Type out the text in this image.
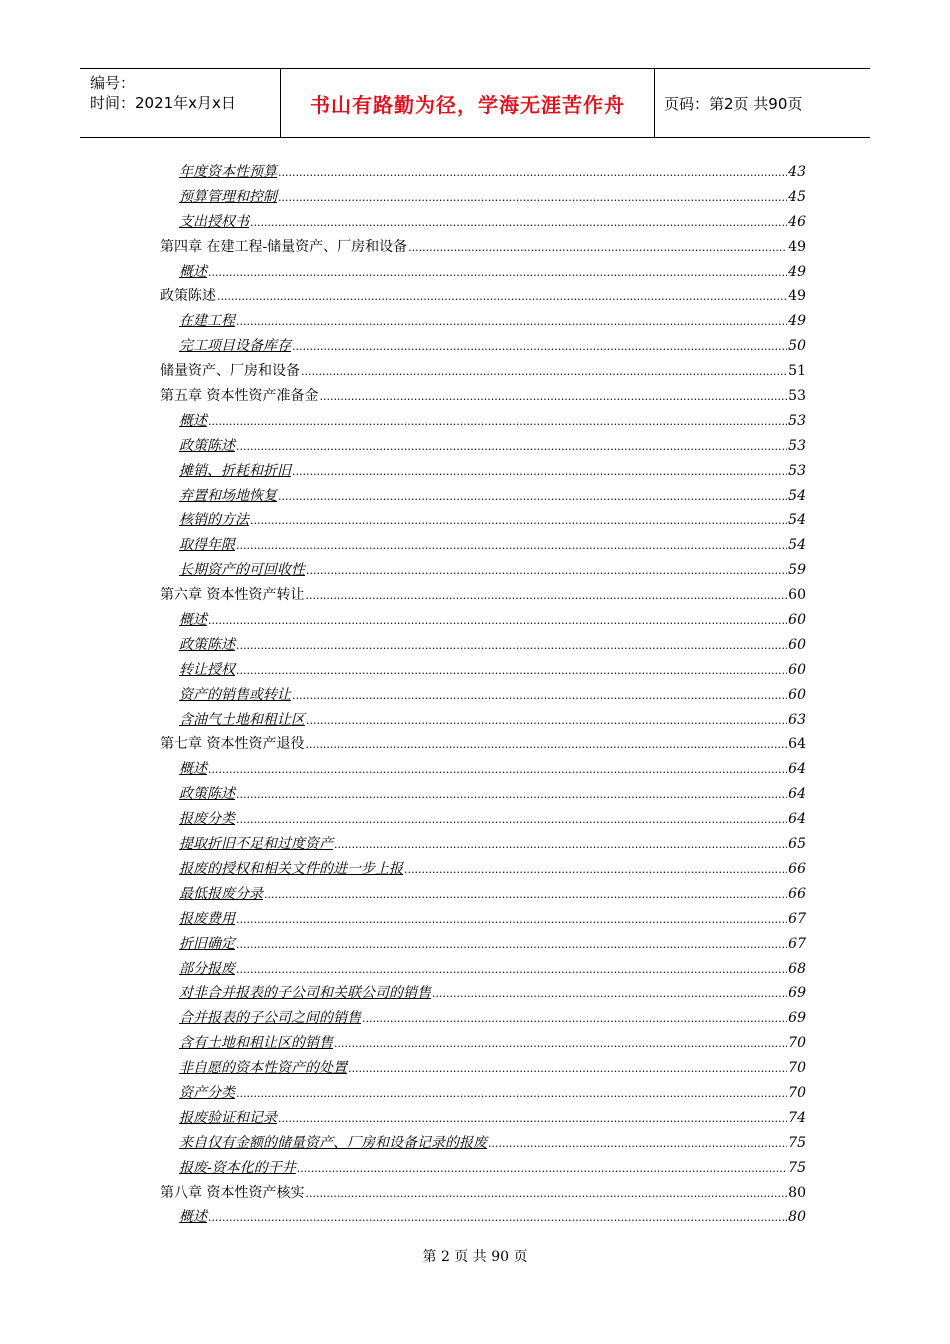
编号：
时间：2021年x月x日	书山有路勤为径，学海无涯苦作舟	页码：第2页 共90页
年度资本性预算 .....	43
预算管理和控制 .....	45
支出授权书 .....	46
第四章 在建工程-储量资产、厂房和设备 .....	49
概述 .....	49
政策陈述 .....	49
在建工程 .....	49
完工项目设备库存 .....	50
储量资产、厂房和设备 .....	51
第五章 资本性资产准备金 .....	53
概述 .....	53
政策陈述 .....	53
摊销、折耗和折旧 .....	53
弃置和场地恢复 .....	54
核销的方法 .....	54
取得年限 .....	54
长期资产的可回收性 .....	59
第六章 资本性资产转让 .....	60
概述 .....	60
政策陈述 .....	60
转让授权 .....	60
资产的销售或转让 .....	60
含油气土地和租让区 .....	63
第七章 资本性资产退役 .....	64
概述 .....	64
政策陈述 .....	64
报废分类 .....	64
提取折旧不足和过度资产 .....	65
报废的授权和相关文件的进一步上报 .....	66
最低报废分录 .....	66
报废费用 .....	67
折旧确定 .....	67
部分报废 .....	68
对非合并报表的子公司和关联公司的销售 .....	69
合并报表的子公司之间的销售 .....	69
含有土地和租让区的销售 .....	70
非自愿的资本性资产的处置 .....	70
资产分类 .....	70
报废验证和记录 .....	74
来自仅有金额的储量资产、厂房和设备记录的报废 .....	75
报废-资本化的干井 .....	75
第八章 资本性资产核实 .....	80
概述 .....	80
第 2 页 共 90 页
